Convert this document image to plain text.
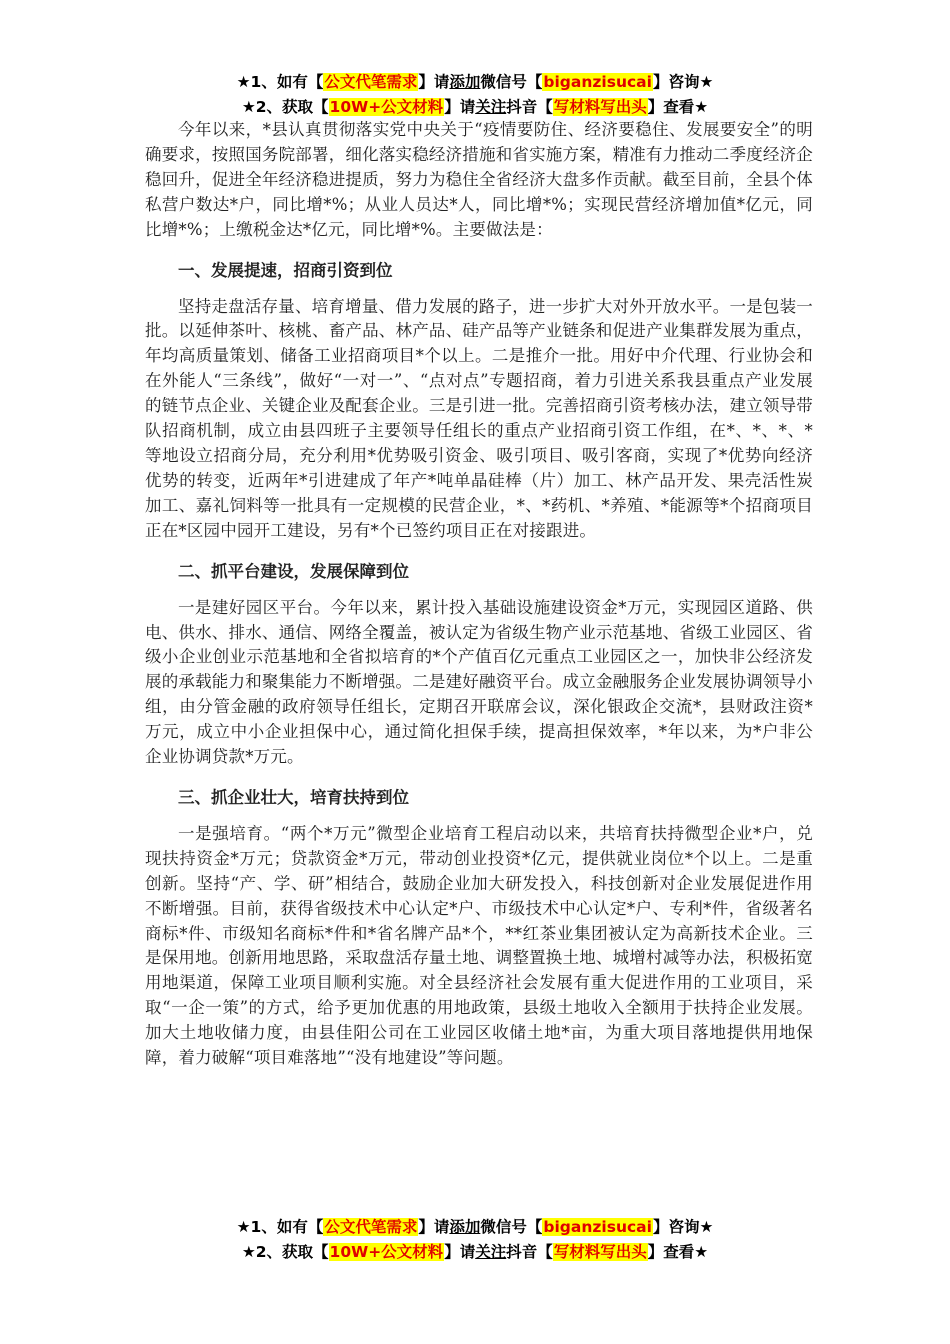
★1、如有【公文代笔需求】请添加微信号【biganzisucai】咨询★
★2、获取【10W+公文材料】请关注抖音【写材料写出头】查看★

今年以来，*县认真贯彻落实党中央关于“疫情要防住、经济要稳住、发展要安全”的明确要求，按照国务院部署，细化落实稳经济措施和省实施方案，精准有力推动二季度经济企稳回升，促进全年经济稳进提质，努力为稳住全省经济大盘多作贡献。截至目前，全县个体私营户数达*户，同比增*%；从业人员达*人，同比增*%；实现民营经济增加值*亿元，同比增*%；上缴税金达*亿元，同比增*%。主要做法是：

一、发展提速，招商引资到位

坚持走盘活存量、培育增量、借力发展的路子，进一步扩大对外开放水平。一是包装一批。以延伸茶叶、核桃、畜产品、林产品、硅产品等产业链条和促进产业集群发展为重点，年均高质量策划、储备工业招商项目*个以上。二是推介一批。用好中介代理、行业协会和在外能人“三条线”，做好“一对一”、“点对点”专题招商，着力引进关系我县重点产业发展的链节点企业、关键企业及配套企业。三是引进一批。完善招商引资考核办法，建立领导带队招商机制，成立由县四班子主要领导任组长的重点产业招商引资工作组，在*、*、*、*等地设立招商分局，充分利用*优势吸引资金、吸引项目、吸引客商，实现了*优势向经济优势的转变，近两年*引进建成了年产*吨单晶硅棒（片）加工、林产品开发、果壳活性炭加工、嘉礼饲料等一批具有一定规模的民营企业，*、*药机、*养殖、*能源等*个招商项目正在*区园中园开工建设，另有*个已签约项目正在对接跟进。

二、抓平台建设，发展保障到位

一是建好园区平台。今年以来，累计投入基础设施建设资金*万元，实现园区道路、供电、供水、排水、通信、网络全覆盖，被认定为省级生物产业示范基地、省级工业园区、省级小企业创业示范基地和全省拟培育的*个产值百亿元重点工业园区之一，加快非公经济发展的承载能力和聚集能力不断增强。二是建好融资平台。成立金融服务企业发展协调领导小组，由分管金融的政府领导任组长，定期召开联席会议，深化银政企交流*，县财政注资*万元，成立中小企业担保中心，通过简化担保手续，提高担保效率，*年以来，为*户非公企业协调贷款*万元。

三、抓企业壮大，培育扶持到位

一是强培育。“两个*万元”微型企业培育工程启动以来，共培育扶持微型企业*户，兑现扶持资金*万元；贷款资金*万元，带动创业投资*亿元，提供就业岗位*个以上。二是重创新。坚持“产、学、研”相结合，鼓励企业加大研发投入，科技创新对企业发展促进作用不断增强。目前，获得省级技术中心认定*户、市级技术中心认定*户、专利*件，省级著名商标*件、市级知名商标*件和*省名牌产品*个，**红茶业集团被认定为高新技术企业。三是保用地。创新用地思路，采取盘活存量土地、调整置换土地、城增村减等办法，积极拓宽用地渠道，保障工业项目顺利实施。对全县经济社会发展有重大促进作用的工业项目，采取“一企一策”的方式，给予更加优惠的用地政策，县级土地收入全额用于扶持企业发展。加大土地收储力度，由县佳阳公司在工业园区收储土地*亩，为重大项目落地提供用地保障，着力破解“项目难落地”“没有地建设”等问题。

★1、如有【公文代笔需求】请添加微信号【biganzisucai】咨询★
★2、获取【10W+公文材料】请关注抖音【写材料写出头】查看★
